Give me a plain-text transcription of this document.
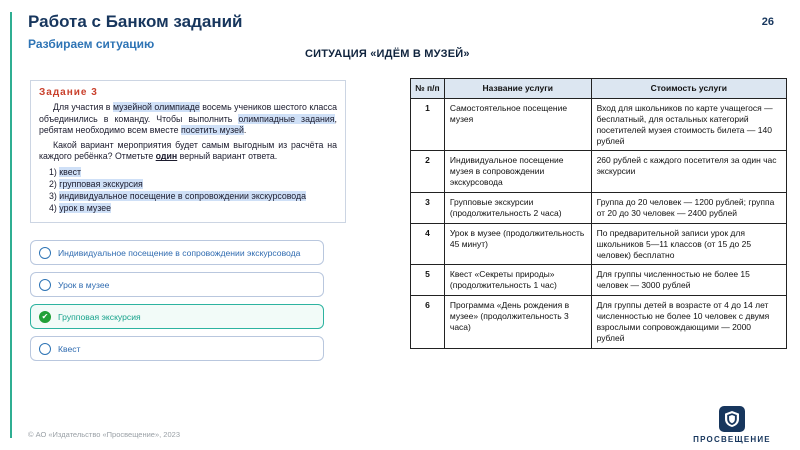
Работа с Банком заданий
Разбираем ситуацию
26
СИТУАЦИЯ «ИДЁМ В МУЗЕЙ»
Задание 3

Для участия в музейной олимпиаде восемь учеников шестого класса объединились в команду. Чтобы выполнить олимпиадные задания, ребятам необходимо всем вместе посетить музей.

Какой вариант мероприятия будет самым выгодным из расчёта на каждого ребёнка? Отметьте один верный вариант ответа.

1) квест
2) групповая экскурсия
3) индивидуальное посещение в сопровождении экскурсовода
4) урок в музее
Индивидуальное посещение в сопровождении экскурсовода
Урок в музее
✔	Групповая экскурсия
Квест
№ п/п	Название услуги	Стоимость услуги
1	Самостоятельное посещение музея	Вход для школьников по карте учащегося — бесплатный, для остальных категорий посетителей музея стоимость билета — 140 рублей
2	Индивидуальное посещение музея в сопровождении экскурсовода	260 рублей с каждого посетителя за один час экскурсии
3	Групповые экскурсии (продолжительность 2 часа)	Группа до 20 человек — 1200 рублей; группа от 20 до 30 человек — 2400 рублей
4	Урок в музее (продолжительность 45 минут)	По предварительной записи урок для школьников 5—11 классов (от 15 до 25 человек) бесплатно
5	Квест «Секреты природы» (продолжительность 1 час)	Для группы численностью не более 15 человек — 3000 рублей
6	Программа «День рождения в музее» (продолжительность 3 часа)	Для группы детей в возрасте от 4 до 14 лет численностью не более 10 человек с двумя взрослыми сопровождающими — 2000 рублей
© АО «Издательство «Просвещение», 2023
ПРОСВЕЩЕНИЕ
